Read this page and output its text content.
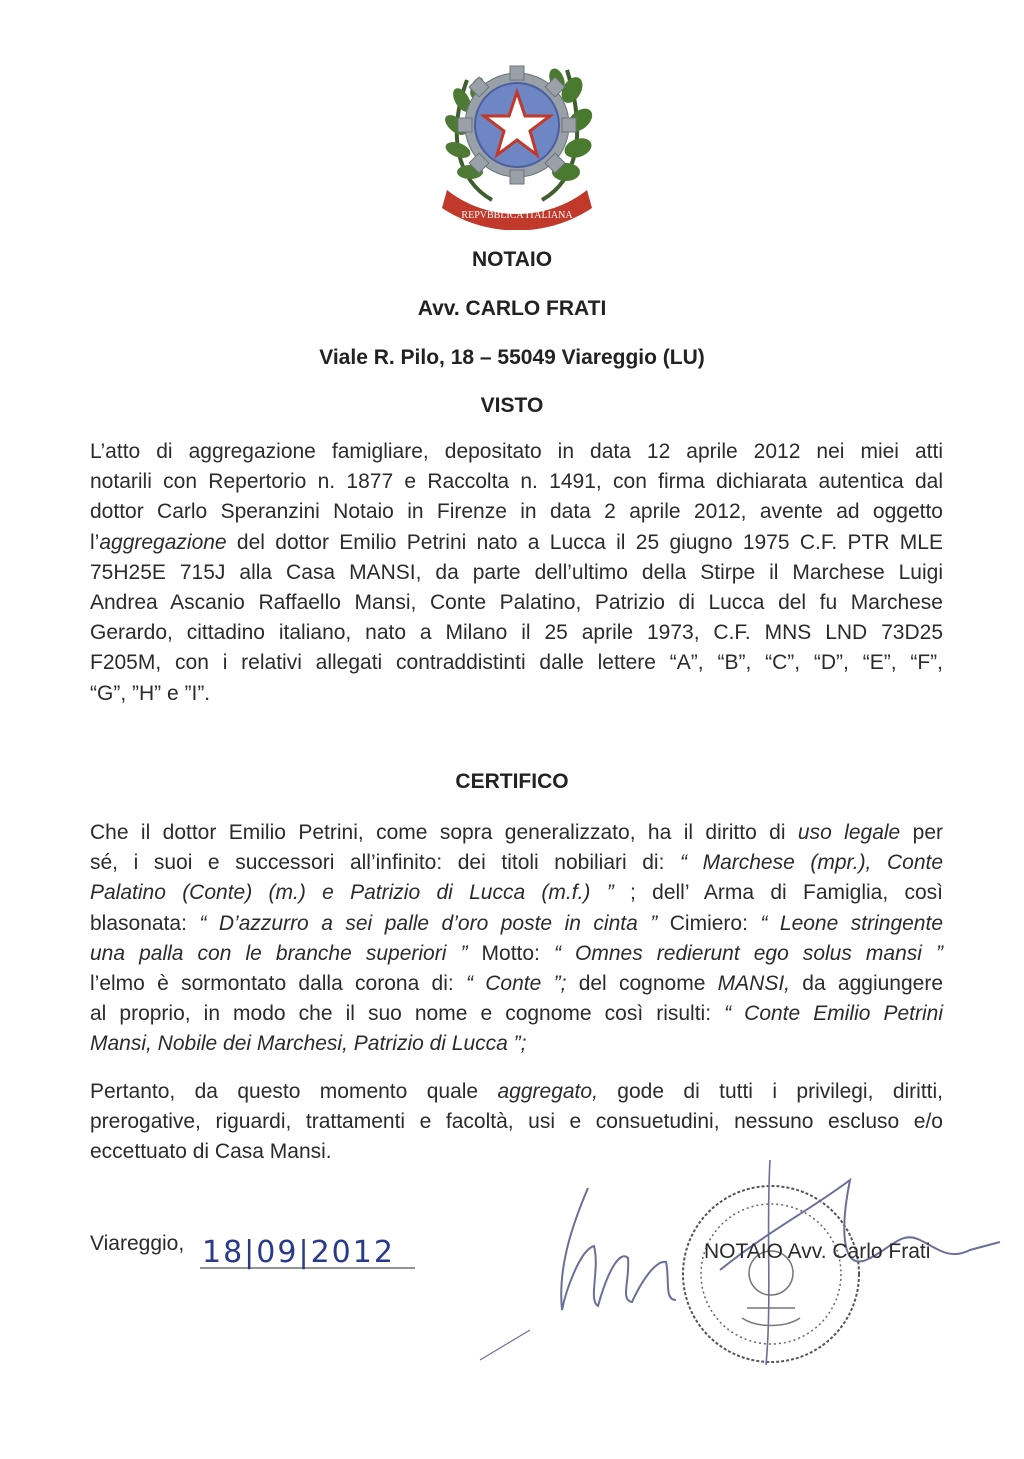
REPVBBLICA ITALIANA
NOTAIO
Avv. CARLO FRATI
Viale R. Pilo, 18 – 55049 Viareggio (LU)
VISTO
L’atto di aggregazione famigliare, depositato in data 12 aprile 2012 nei miei atti
notarili con Repertorio n. 1877 e Raccolta n. 1491, con firma dichiarata autentica dal
dottor Carlo Speranzini Notaio in Firenze in data 2 aprile 2012, avente ad oggetto
l’aggregazione del dottor Emilio Petrini nato a Lucca il 25 giugno 1975 C.F. PTR MLE
75H25E 715J alla Casa MANSI, da parte dell’ultimo della Stirpe il Marchese Luigi
Andrea Ascanio Raffaello Mansi, Conte Palatino, Patrizio di Lucca del fu Marchese
Gerardo, cittadino italiano, nato a Milano il 25 aprile 1973, C.F. MNS LND 73D25
F205M, con i relativi allegati contraddistinti dalle lettere “A”, “B”, “C”, “D”, “E”, “F”,
“G”, ”H” e ”I”.
CERTIFICO
Che il dottor Emilio Petrini, come sopra generalizzato, ha il diritto di uso legale per
sé, i suoi e successori all’infinito: dei titoli nobiliari di: “ Marchese (mpr.), Conte
Palatino (Conte) (m.) e Patrizio di Lucca (m.f.) ” ; dell’ Arma di Famiglia, così
blasonata: “ D’azzurro a sei palle d’oro poste in cinta ” Cimiero: “ Leone stringente
una palla con le branche superiori ” Motto: “ Omnes redierunt ego solus mansi ”
l’elmo è sormontato dalla corona di: “ Conte ”; del cognome MANSI, da aggiungere
al proprio, in modo che il suo nome e cognome così risulti: “ Conte Emilio Petrini
Mansi, Nobile dei Marchesi, Patrizio di Lucca ”;
Pertanto, da questo momento quale aggregato, gode di tutti i privilegi, diritti,
prerogative, riguardi, trattamenti e facoltà, usi e consuetudini, nessuno escluso e/o
eccettuato di Casa Mansi.
Viareggio, 18|09|2012	NOTAIO Avv. Carlo Frati
